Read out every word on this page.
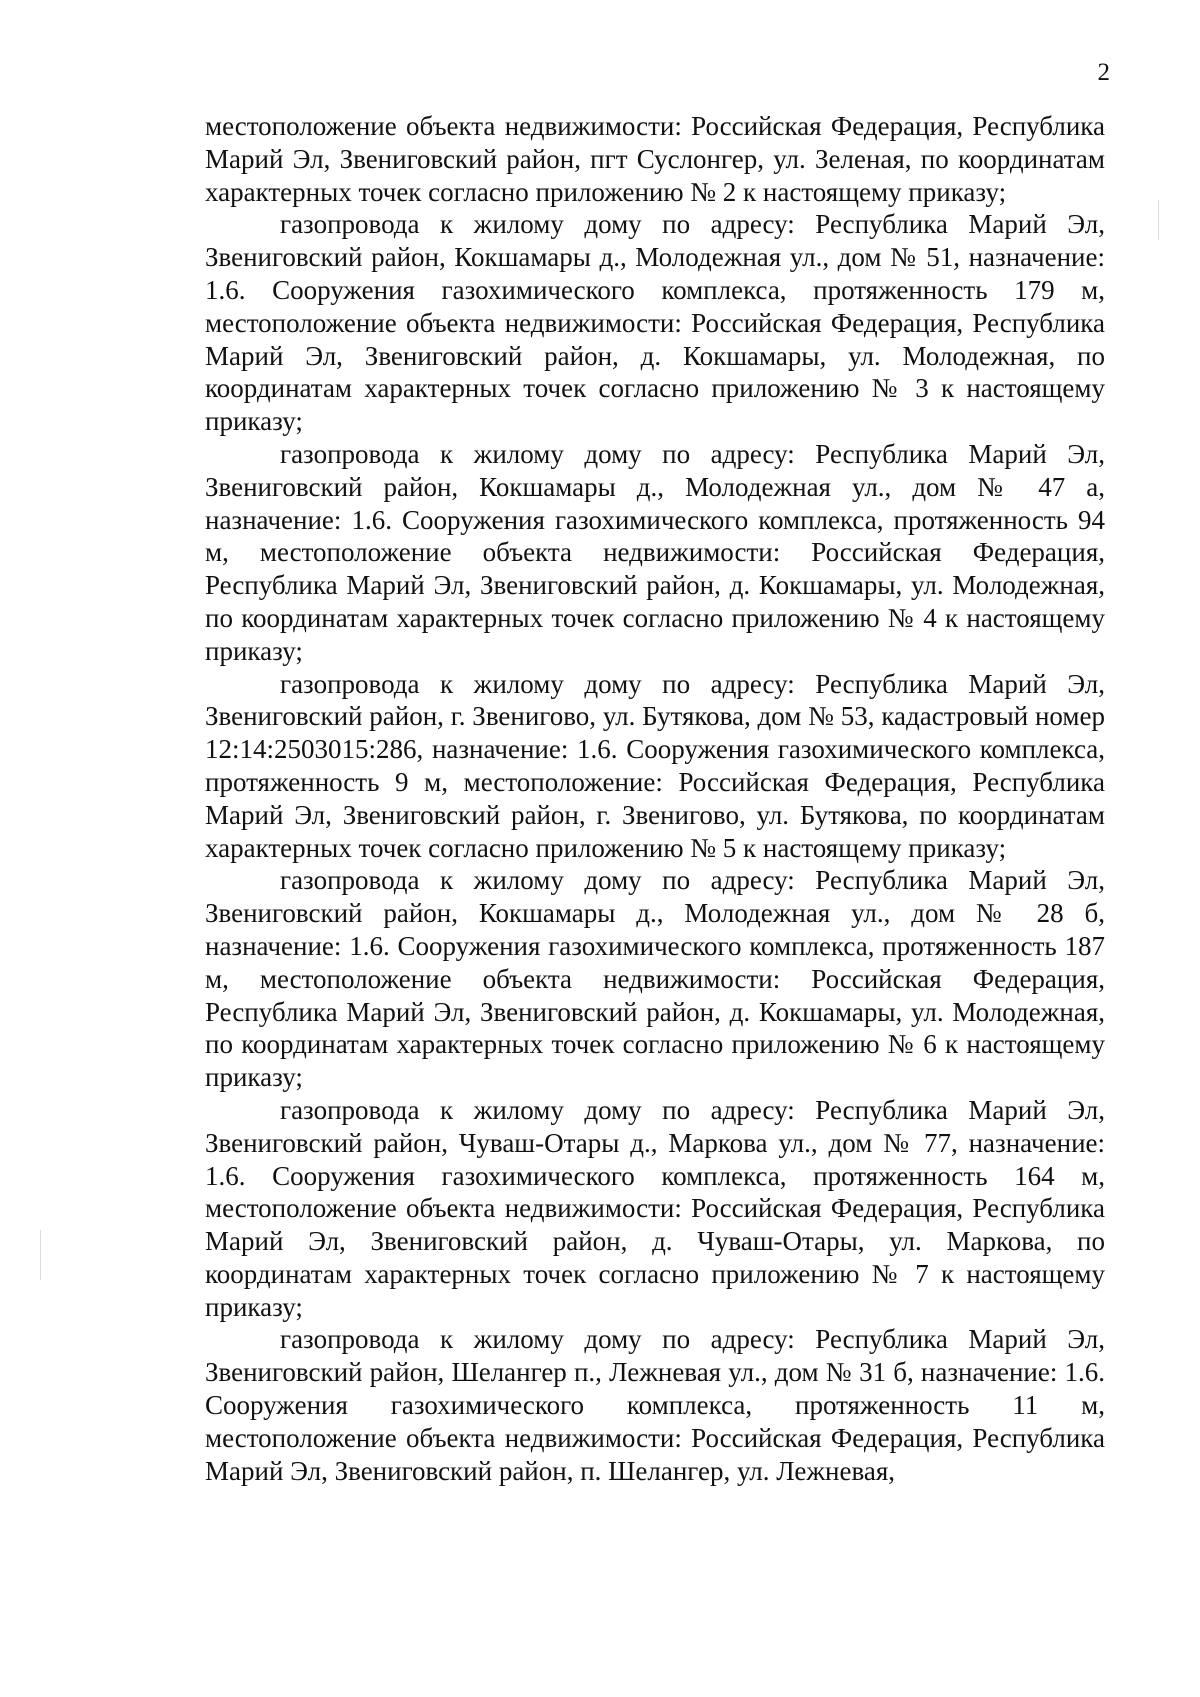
2

местоположение объекта недвижимости: Российская Федерация, Республика Марий Эл, Звениговский район, пгт Суслонгер, ул. Зеленая, по координатам характерных точек согласно приложению № 2 к настоящему приказу;

газопровода к жилому дому по адресу: Республика Марий Эл, Звениговский район, Кокшамары д., Молодежная ул., дом № 51, назначение: 1.6. Сооружения газохимического комплекса, протяженность 179 м, местоположение объекта недвижимости: Российская Федерация, Республика Марий Эл, Звениговский район, д. Кокшамары, ул. Молодежная, по координатам характерных точек согласно приложению № 3 к настоящему приказу;

газопровода к жилому дому по адресу: Республика Марий Эл, Звениговский район, Кокшамары д., Молодежная ул., дом № 47 а, назначение: 1.6. Сооружения газохимического комплекса, протяженность 94 м, местоположение объекта недвижимости: Российская Федерация, Республика Марий Эл, Звениговский район, д. Кокшамары, ул. Молодежная, по координатам характерных точек согласно приложению № 4 к настоящему приказу;

газопровода к жилому дому по адресу: Республика Марий Эл, Звениговский район, г. Звенигово, ул. Бутякова, дом № 53, кадастровый номер 12:14:2503015:286, назначение: 1.6. Сооружения газохимического комплекса, протяженность 9 м, местоположение: Российская Федерация, Республика Марий Эл, Звениговский район, г. Звенигово, ул. Бутякова, по координатам характерных точек согласно приложению № 5 к настоящему приказу;

газопровода к жилому дому по адресу: Республика Марий Эл, Звениговский район, Кокшамары д., Молодежная ул., дом № 28 б, назначение: 1.6. Сооружения газохимического комплекса, протяженность 187 м, местоположение объекта недвижимости: Российская Федерация, Республика Марий Эл, Звениговский район, д. Кокшамары, ул. Молодежная, по координатам характерных точек согласно приложению № 6 к настоящему приказу;

газопровода к жилому дому по адресу: Республика Марий Эл, Звениговский район, Чуваш-Отары д., Маркова ул., дом № 77, назначение: 1.6. Сооружения газохимического комплекса, протяженность 164 м, местоположение объекта недвижимости: Российская Федерация, Республика Марий Эл, Звениговский район, д. Чуваш-Отары, ул. Маркова, по координатам характерных точек согласно приложению № 7 к настоящему приказу;

газопровода к жилому дому по адресу: Республика Марий Эл, Звениговский район, Шелангер п., Лежневая ул., дом № 31 б, назначение: 1.6. Сооружения газохимического комплекса, протяженность 11 м, местоположение объекта недвижимости: Российская Федерация, Республика Марий Эл, Звениговский район, п. Шелангер, ул. Лежневая,
